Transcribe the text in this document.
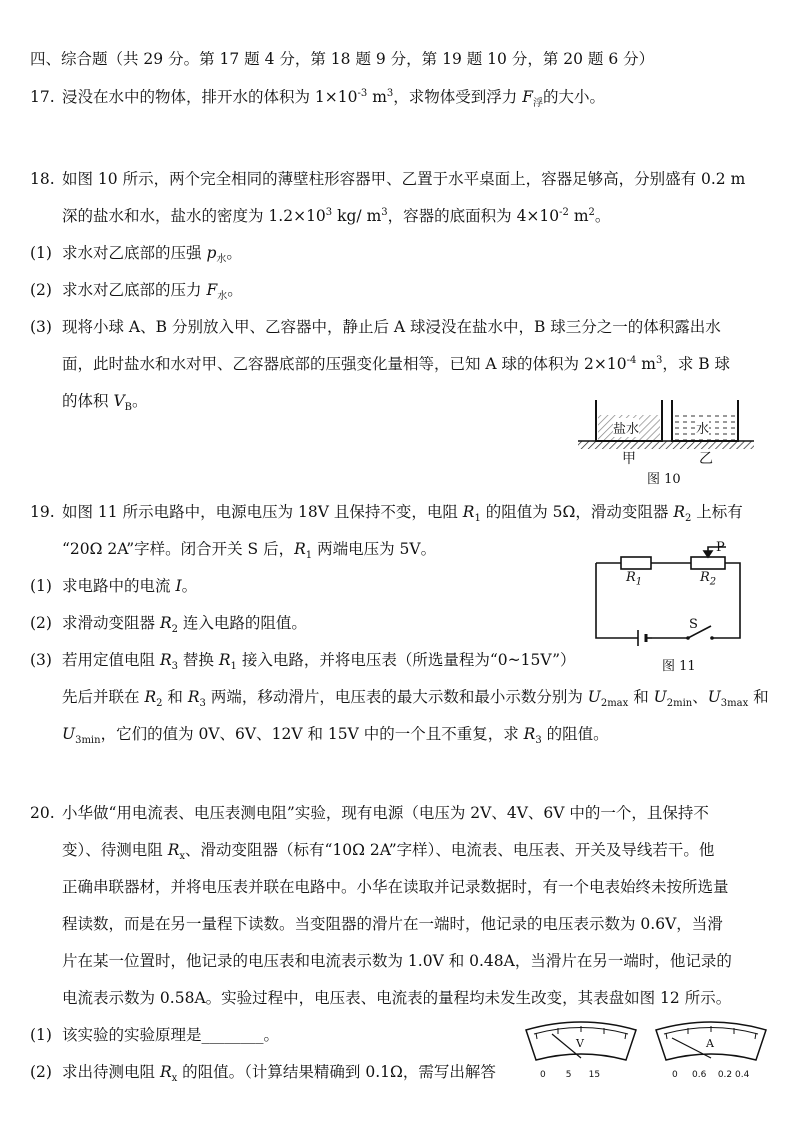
四、综合题（共 29 分。第 17 题 4 分，第 18 题 9 分，第 19 题 10 分，第 20 题 6 分）
17. 浸没在水中的物体，排开水的体积为 $1\times 10^{-3}$ $m^3$，求物体受到浮力 $F_浮$的大小。
18. 如图 10 所示，两个完全相同的薄壁柱形容器甲、乙置于水平桌面上，容器足够高，分别盛有 0.2 m
深的盐水和水，盐水的密度为 $1.2\times 10^3$ kg/ $m^3$，容器的底面积为 $4\times 10^{-2}$ $m^2$。
(1) 求水对乙底部的压强 $p_水$。
(2) 求水对乙底部的压力 $F_水$。
(3) 现将小球 A、B 分别放入甲、乙容器中，静止后 A 球浸没在盐水中，B 球三分之一的体积露出水
面，此时盐水和水对甲、乙容器底部的压强变化量相等，已知 A 球的体积为 $2\times 10^{-4}$ $m^3$，求 B 球
的体积 $V_B$。
盐水	水
甲	乙
图 10
19. 如图 11 所示电路中，电源电压为 18V 且保持不变，电阻 $R_1$ 的阻值为 5Ω，滑动变阻器 $R_2$ 上标有
“20Ω 2A”字样。闭合开关 S 后，$R_1$ 两端电压为 5V。
(1) 求电路中的电流 I。
(2) 求滑动变阻器 $R_2$ 连入电路的阻值。
(3) 若用定值电阻 $R_3$ 替换 $R_1$ 接入电路，并将电压表（所选量程为“0~15V”）
先后并联在 $R_2$ 和 $R_3$ 两端，移动滑片，电压表的最大示数和最小示数分别为 $U_{2max}$ 和 $U_{2min}$、$U_{3max}$ 和
$U_{3min}$，它们的值为 0V、6V、12V 和 15V 中的一个且不重复，求 $R_3$ 的阻值。
$R_1$	$R_2$
P
S
图 11
20. 小华做“用电流表、电压表测电阻”实验，现有电源（电压为 2V、4V、6V 中的一个，且保持不
变）、待测电阻 $R_x$、滑动变阻器（标有“10Ω 2A”字样）、电流表、电压表、开关及导线若干。他
正确串联器材，并将电压表并联在电路中。小华在读取并记录数据时，有一个电表始终未按所选量
程读数，而是在另一量程下读数。当变阻器的滑片在一端时，他记录的电压表示数为 0.6V，当滑
片在某一位置时，他记录的电压表和电流表示数为 1.0V 和 0.48A，当滑片在另一端时，他记录的
电流表示数为 0.58A。实验过程中，电压表、电流表的量程均未发生改变，其表盘如图 12 所示。
(1) 该实验的实验原理是________。
(2) 求出待测电阻 $R_x$ 的阻值。（计算结果精确到 0.1Ω，需写出解答
V
0 5 15
A
0 0.6 0.2 0.4
